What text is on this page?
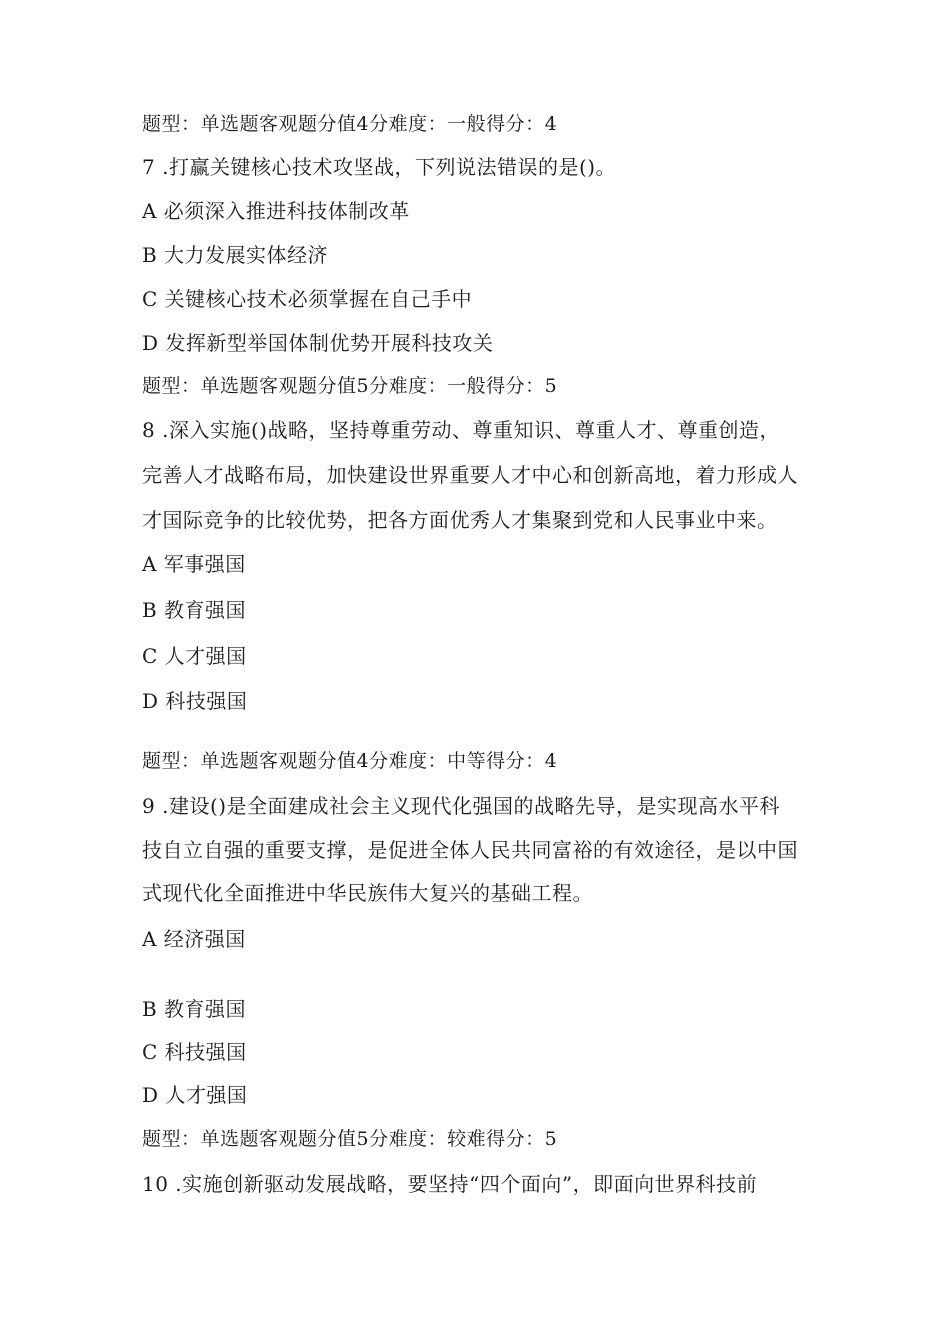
题型：单选题客观题分值4分难度：一般得分：4
7 .打赢关键核心技术攻坚战，下列说法错误的是()。
A 必须深入推进科技体制改革
B 大力发展实体经济
C 关键核心技术必须掌握在自己手中
D 发挥新型举国体制优势开展科技攻关
题型：单选题客观题分值5分难度：一般得分：5
8 .深入实施()战略，坚持尊重劳动、尊重知识、尊重人才、尊重创造，
完善人才战略布局，加快建设世界重要人才中心和创新高地，着力形成人
才国际竞争的比较优势，把各方面优秀人才集聚到党和人民事业中来。
A 军事强国
B 教育强国
C 人才强国
D 科技强国
题型：单选题客观题分值4分难度：中等得分：4
9 .建设()是全面建成社会主义现代化强国的战略先导，是实现高水平科
技自立自强的重要支撑，是促进全体人民共同富裕的有效途径，是以中国
式现代化全面推进中华民族伟大复兴的基础工程。
A 经济强国
B 教育强国
C 科技强国
D 人才强国
题型：单选题客观题分值5分难度：较难得分：5
10 .实施创新驱动发展战略，要坚持“四个面向”，即面向世界科技前
